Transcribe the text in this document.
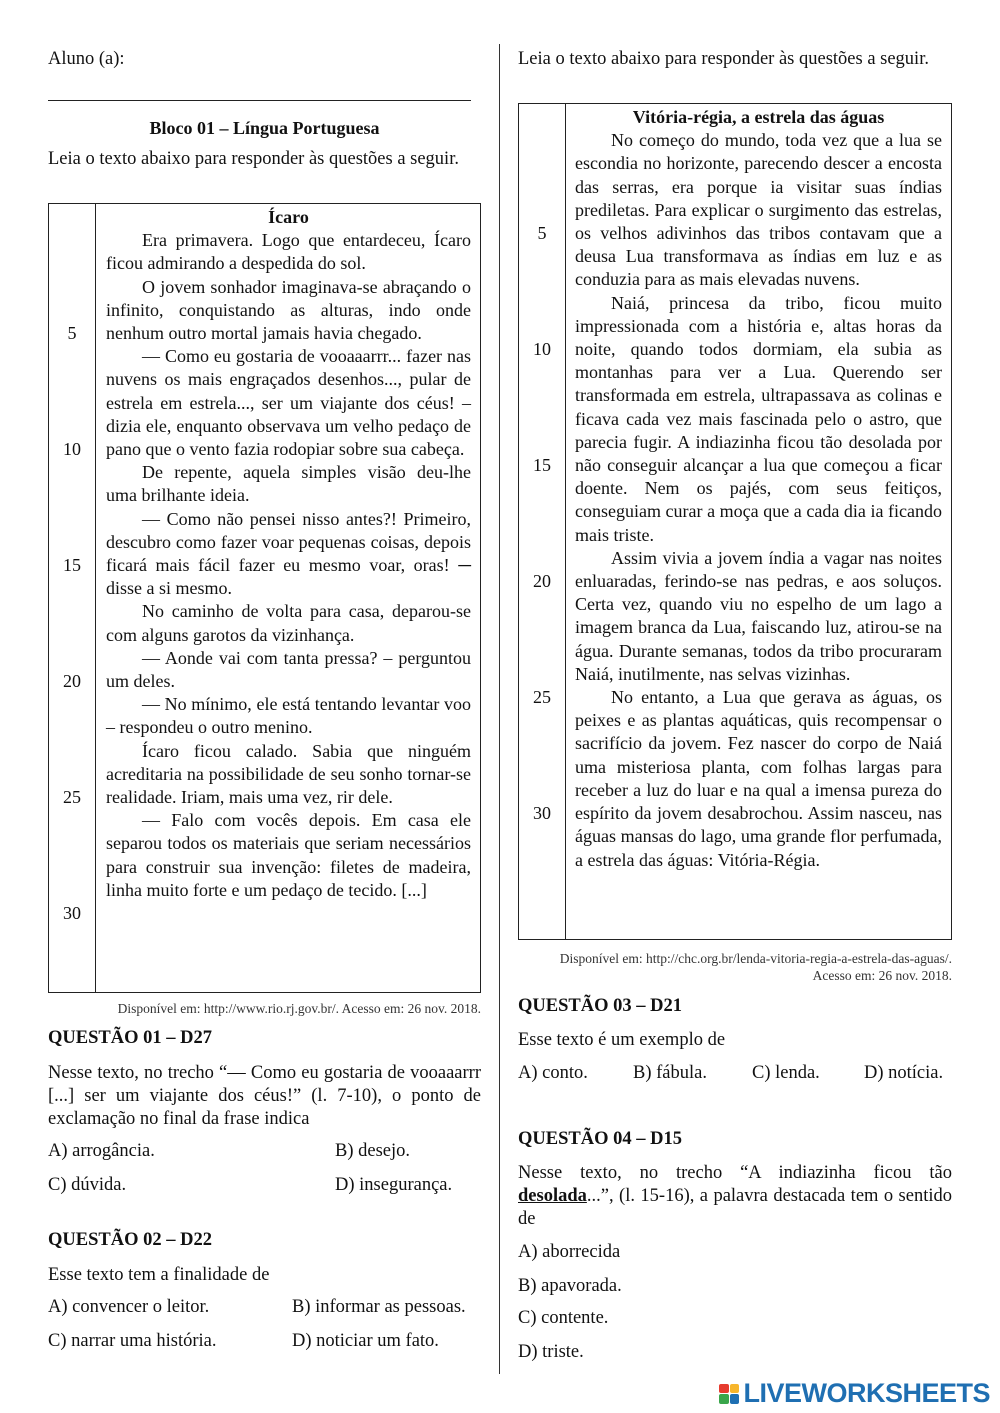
Aluno (a):
Bloco 01 – Língua Portuguesa
Leia o texto abaixo para responder às questões a seguir.
5
10
15
20
25
30

Ícaro

Era primavera. Logo que entardeceu, Ícaro ficou admirando a despedida do sol.

O jovem sonhador imaginava-se abraçando o infinito, conquistando as alturas, indo onde nenhum outro mortal jamais havia chegado.

— Como eu gostaria de vooaaarrr... fazer nas nuvens os mais engraçados desenhos..., pular de estrela em estrela..., ser um viajante dos céus! – dizia ele, enquanto observava um velho pedaço de pano que o vento fazia rodopiar sobre sua cabeça.

De repente, aquela simples visão deu-lhe uma brilhante ideia.

— Como não pensei nisso antes?! Primeiro, descubro como fazer voar pequenas coisas, depois ficará mais fácil fazer eu mesmo voar, oras! ─ disse a si mesmo.

No caminho de volta para casa, deparou-se com alguns garotos da vizinhança.

— Aonde vai com tanta pressa? – perguntou um deles.

— No mínimo, ele está tentando levantar voo – respondeu o outro menino.

Ícaro ficou calado. Sabia que ninguém acreditaria na possibilidade de seu sonho tornar-se realidade. Iriam, mais uma vez, rir dele.

— Falo com vocês depois. Em casa ele separou todos os materiais que seriam necessários para construir sua invenção: filetes de madeira, linha muito forte e um pedaço de tecido. [...]

Disponível em: http://www.rio.rj.gov.br/. Acesso em: 26 nov. 2018.
QUESTÃO 01 – D27
Nesse texto, no trecho “— Como eu gostaria de vooaaarrr [...] ser um viajante dos céus!” (l. 7-10), o ponto de exclamação no final da frase indica
A) arrogância.	B) desejo.
C) dúvida.	D) insegurança.
QUESTÃO 02 – D22
Esse texto tem a finalidade de
A) convencer o leitor.	B) informar as pessoas.
C) narrar uma história.	D) noticiar um fato.
Leia o texto abaixo para responder às questões a seguir.
5
10
15
20
25
30

Vitória-régia, a estrela das águas

No começo do mundo, toda vez que a lua se escondia no horizonte, parecendo descer a encosta das serras, era porque ia visitar suas índias prediletas. Para explicar o surgimento das estrelas, os velhos adivinhos das tribos contavam que a deusa Lua transformava as índias em luz e as conduzia para as mais elevadas nuvens.

Naiá, princesa da tribo, ficou muito impressionada com a história e, altas horas da noite, quando todos dormiam, ela subia as montanhas para ver a Lua. Querendo ser transformada em estrela, ultrapassava as colinas e ficava cada vez mais fascinada pelo o astro, que parecia fugir. A indiazinha ficou tão desolada por não conseguir alcançar a lua que começou a ficar doente. Nem os pajés, com seus feitiços, conseguiam curar a moça que a cada dia ia ficando mais triste.

Assim vivia a jovem índia a vagar nas noites enluaradas, ferindo-se nas pedras, e aos soluços. Certa vez, quando viu no espelho de um lago a imagem branca da Lua, faiscando luz, atirou-se na água. Durante semanas, todos da tribo procuraram Naiá, inutilmente, nas selvas vizinhas.

No entanto, a Lua que gerava as águas, os peixes e as plantas aquáticas, quis recompensar o sacrifício da jovem. Fez nascer do corpo de Naiá uma misteriosa planta, com folhas largas para receber a luz do luar e na qual a imensa pureza do espírito da jovem desabrochou. Assim nasceu, nas águas mansas do lago, uma grande flor perfumada, a estrela das águas: Vitória-Régia.

Disponível em: http://chc.org.br/lenda-vitoria-regia-a-estrela-das-aguas/. Acesso em: 26 nov. 2018.
QUESTÃO 03 – D21
Esse texto é um exemplo de
A) conto. B) fábula. C) lenda. D) notícia.
QUESTÃO 04 – D15
Nesse texto, no trecho “A indiazinha ficou tão desolada...”, (l. 15-16), a palavra destacada tem o sentido de
A) aborrecida
B) apavorada.
C) contente.
D) triste.
LIVEWORKSHEETS
